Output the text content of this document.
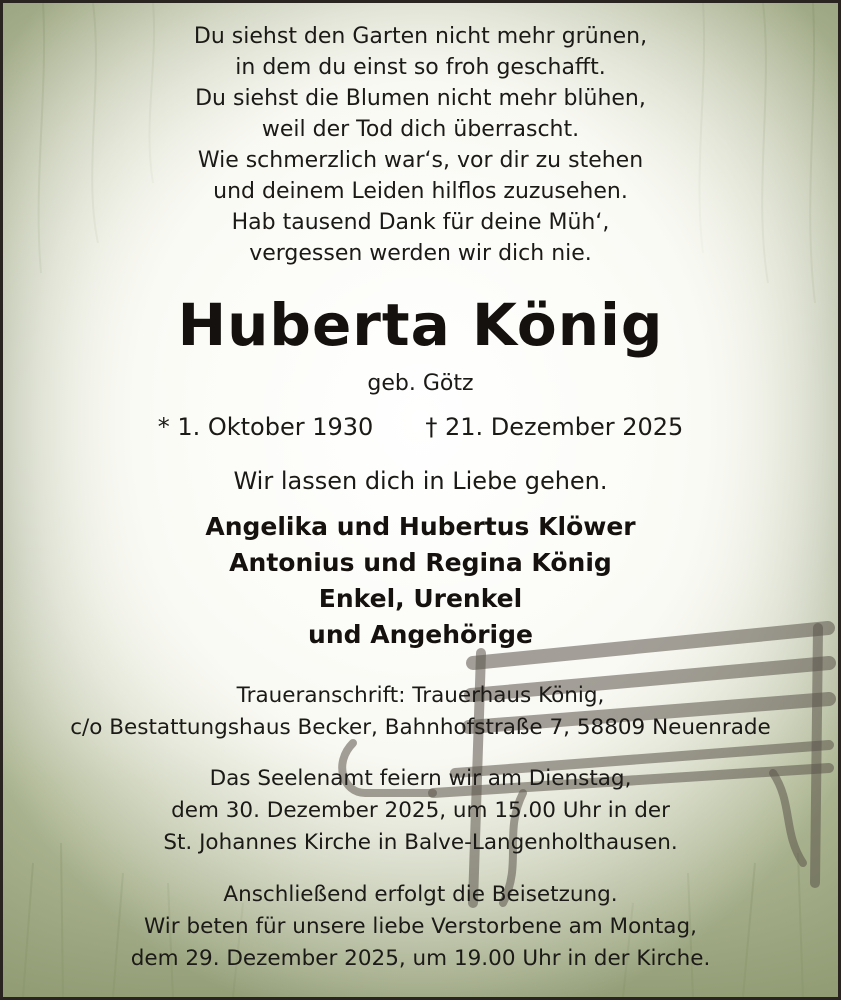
Du siehst den Garten nicht mehr grünen,
in dem du einst so froh geschafft.
Du siehst die Blumen nicht mehr blühen,
weil der Tod dich überrascht.
Wie schmerzlich war‘s, vor dir zu stehen
und deinem Leiden hilflos zuzusehen.
Hab tausend Dank für deine Müh‘,
vergessen werden wir dich nie.
Huberta König
geb. Götz
* 1. Oktober 1930 † 21. Dezember 2025
Wir lassen dich in Liebe gehen.
Angelika und Hubertus Klöwer
Antonius und Regina König
Enkel, Urenkel
und Angehörige
Traueranschrift: Trauerhaus König,
c/o Bestattungshaus Becker, Bahnhofstraße 7, 58809 Neuenrade
Das Seelenamt feiern wir am Dienstag,
dem 30. Dezember 2025, um 15.00 Uhr in der
St. Johannes Kirche in Balve-Langenholthausen.
Anschließend erfolgt die Beisetzung.
Wir beten für unsere liebe Verstorbene am Montag,
dem 29. Dezember 2025, um 19.00 Uhr in der Kirche.
